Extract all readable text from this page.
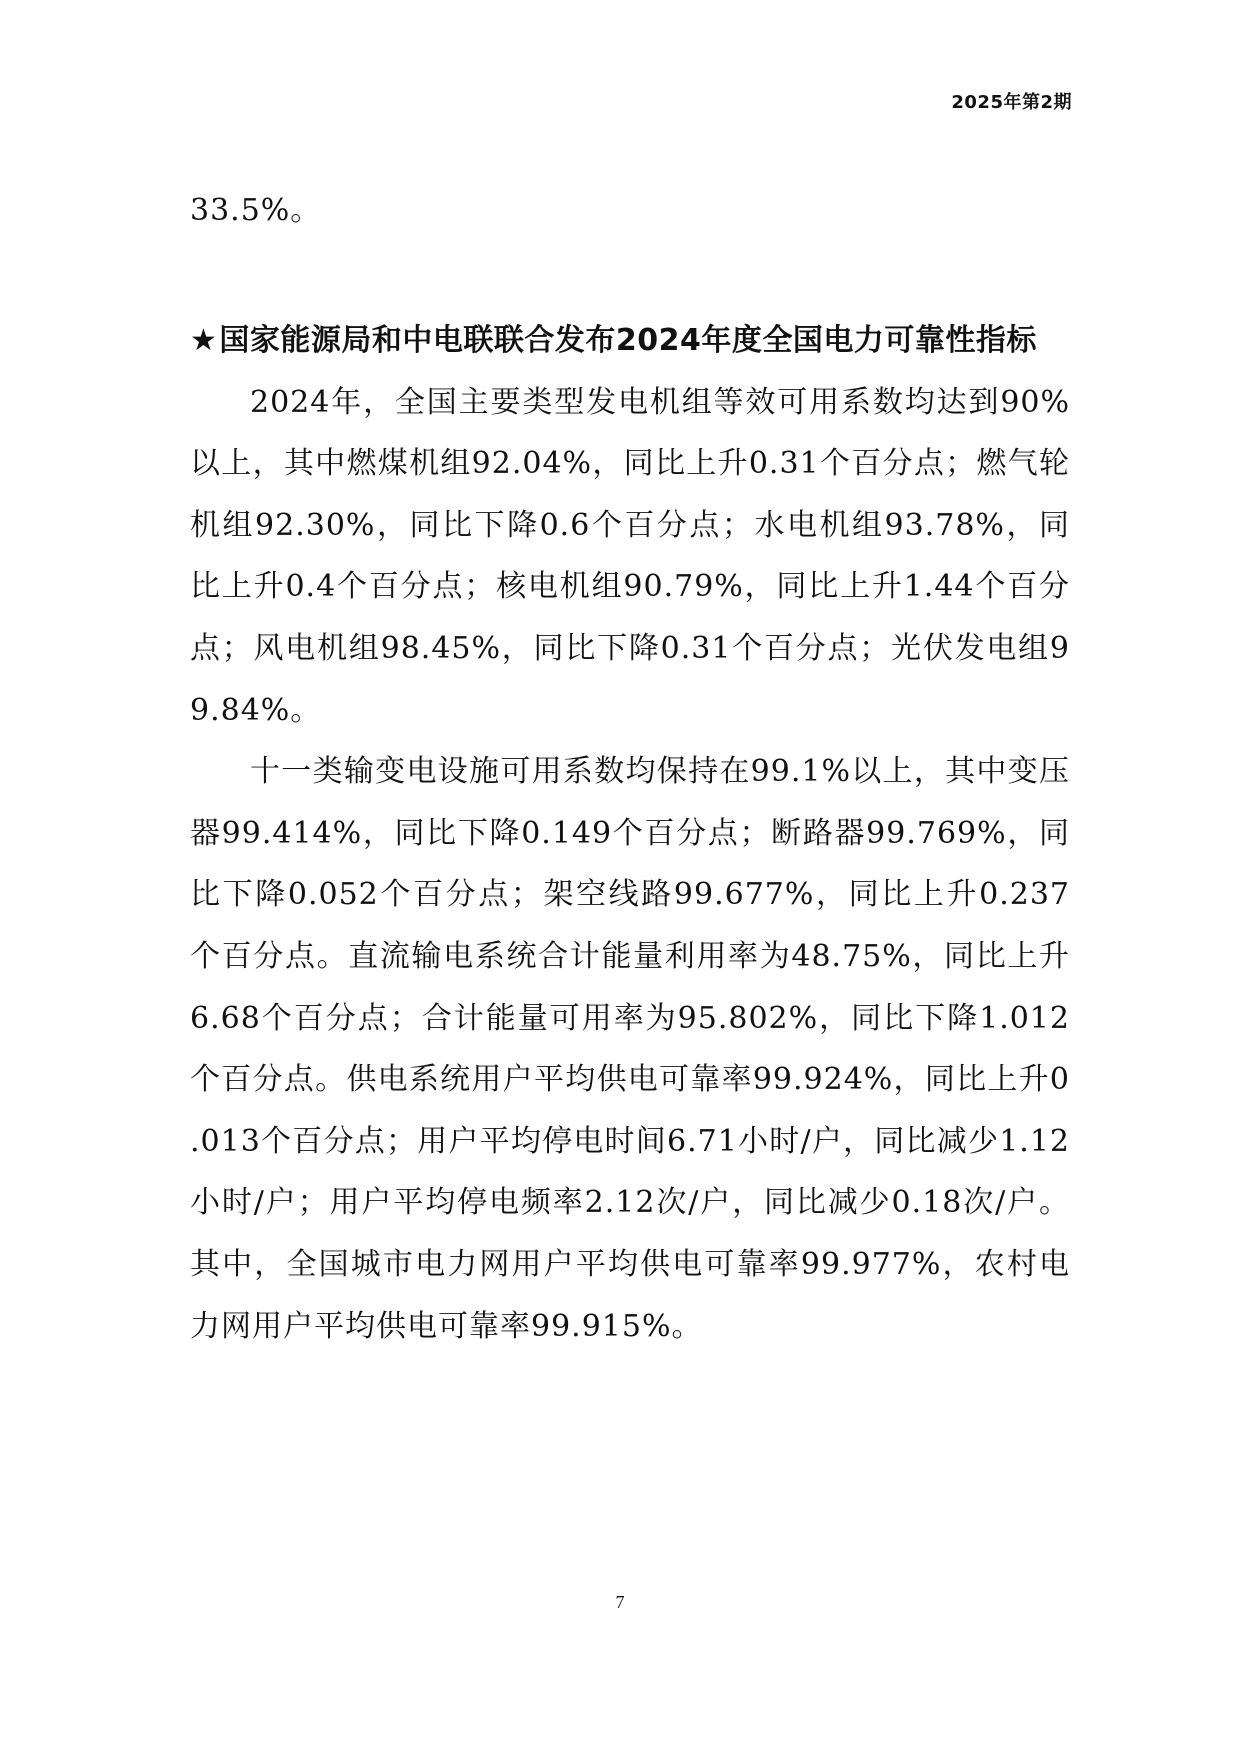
2025年第2期

33.5%。

★国家能源局和中电联联合发布2024年度全国电力可靠性指标

2024年，全国主要类型发电机组等效可用系数均达到90%以上，其中燃煤机组92.04%，同比上升0.31个百分点；燃气轮机组92.30%，同比下降0.6个百分点；水电机组93.78%，同比上升0.4个百分点；核电机组90.79%，同比上升1.44个百分点；风电机组98.45%，同比下降0.31个百分点；光伏发电组99.84%。

十一类输变电设施可用系数均保持在99.1%以上，其中变压器99.414%，同比下降0.149个百分点；断路器99.769%，同比下降0.052个百分点；架空线路99.677%，同比上升0.237个百分点。直流输电系统合计能量利用率为48.75%，同比上升6.68个百分点；合计能量可用率为95.802%，同比下降1.012个百分点。供电系统用户平均供电可靠率99.924%，同比上升0.013个百分点；用户平均停电时间6.71小时/户，同比减少1.12小时/户；用户平均停电频率2.12次/户，同比减少0.18次/户。其中，全国城市电力网用户平均供电可靠率99.977%，农村电力网用户平均供电可靠率99.915%。

7
